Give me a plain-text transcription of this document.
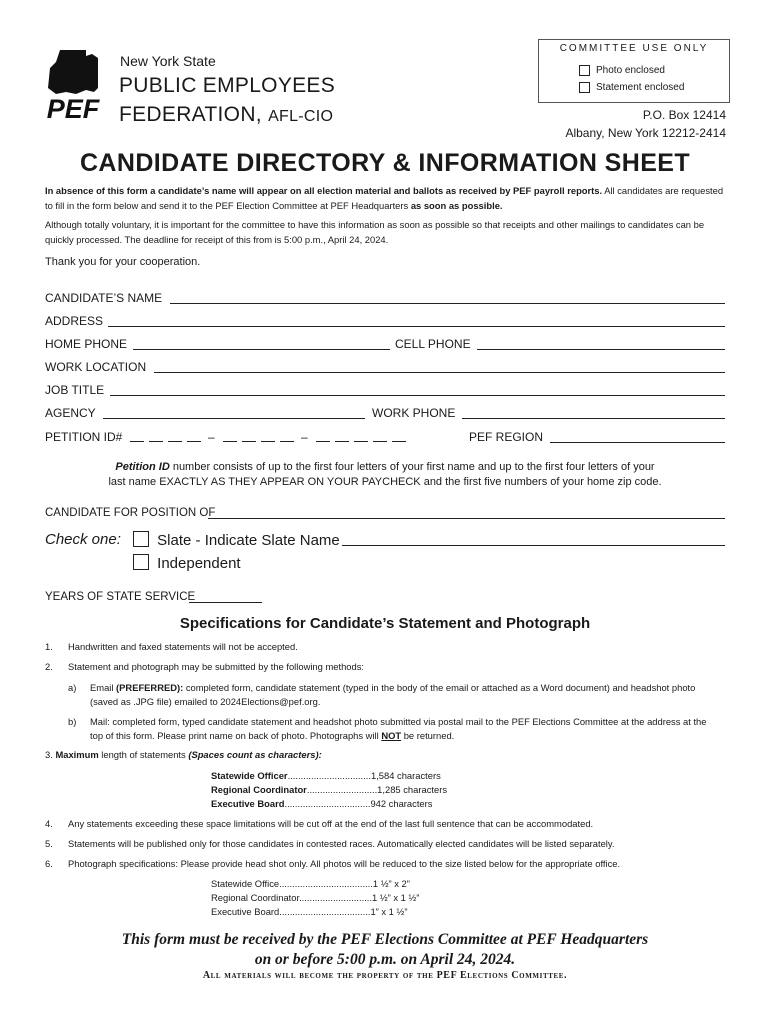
PEF
New York State
PUBLIC EMPLOYEES
FEDERATION, AFL-CIO
COMMITTEE USE ONLY
Photo enclosed
Statement enclosed
P.O. Box 12414
Albany, New York 12212-2414
CANDIDATE DIRECTORY & INFORMATION SHEET
In absence of this form a candidate’s name will appear on all election material and ballots as received by PEF payroll reports. All candidates are requested to fill in the form below and send it to the PEF Election Committee at PEF Headquarters as soon as possible.
Although totally voluntary, it is important for the committee to have this information as soon as possible so that receipts and other mailings to candidates can be quickly processed. The deadline for receipt of this from is 5:00 p.m., April 24, 2024.
Thank you for your cooperation.
CANDIDATE’S NAME
ADDRESS
HOME PHONE	CELL PHONE
WORK LOCATION
JOB TITLE
AGENCY	WORK PHONE
PETITION ID#	–	–	PEF REGION
Petition ID number consists of up to the first four letters of your first name and up to the first four letters of your
last name EXACTLY AS THEY APPEAR ON YOUR PAYCHECK and the first five numbers of your home zip code.
CANDIDATE FOR POSITION OF
Check one:	Slate - Indicate Slate Name
Independent
YEARS OF STATE SERVICE
Specifications for Candidate’s Statement and Photograph
1. Handwritten and faxed statements will not be accepted.
2. Statement and photograph may be submitted by the following methods:
a) Email (PREFERRED): completed form, candidate statement (typed in the body of the email or attached as a Word document) and headshot photo
(saved as .JPG file) emailed to 2024Elections@pef.org.
b) Mail: completed form, typed candidate statement and headshot photo submitted via postal mail to the PEF Elections Committee at the address at the
top of this form. Please print name on back of photo. Photographs will NOT be returned.
3. Maximum length of statements (Spaces count as characters):
Statewide Officer................................1,584 characters
Regional Coordinator...........................1,285 characters
Executive Board.................................942 characters
4. Any statements exceeding these space limitations will be cut off at the end of the last full sentence that can be accommodated.
5. Statements will be published only for those candidates in contested races. Automatically elected candidates will be listed separately.
6. Photograph specifications: Please provide head shot only. All photos will be reduced to the size listed below for the appropriate office.
Statewide Office....................................1 ½” x 2”
Regional Coordinator............................1 ½” x 1 ½”
Executive Board...................................1” x 1 ½”
This form must be received by the PEF Elections Committee at PEF Headquarters
on or before 5:00 p.m. on April 24, 2024.
All materials will become the property of the PEF Elections Committee.
